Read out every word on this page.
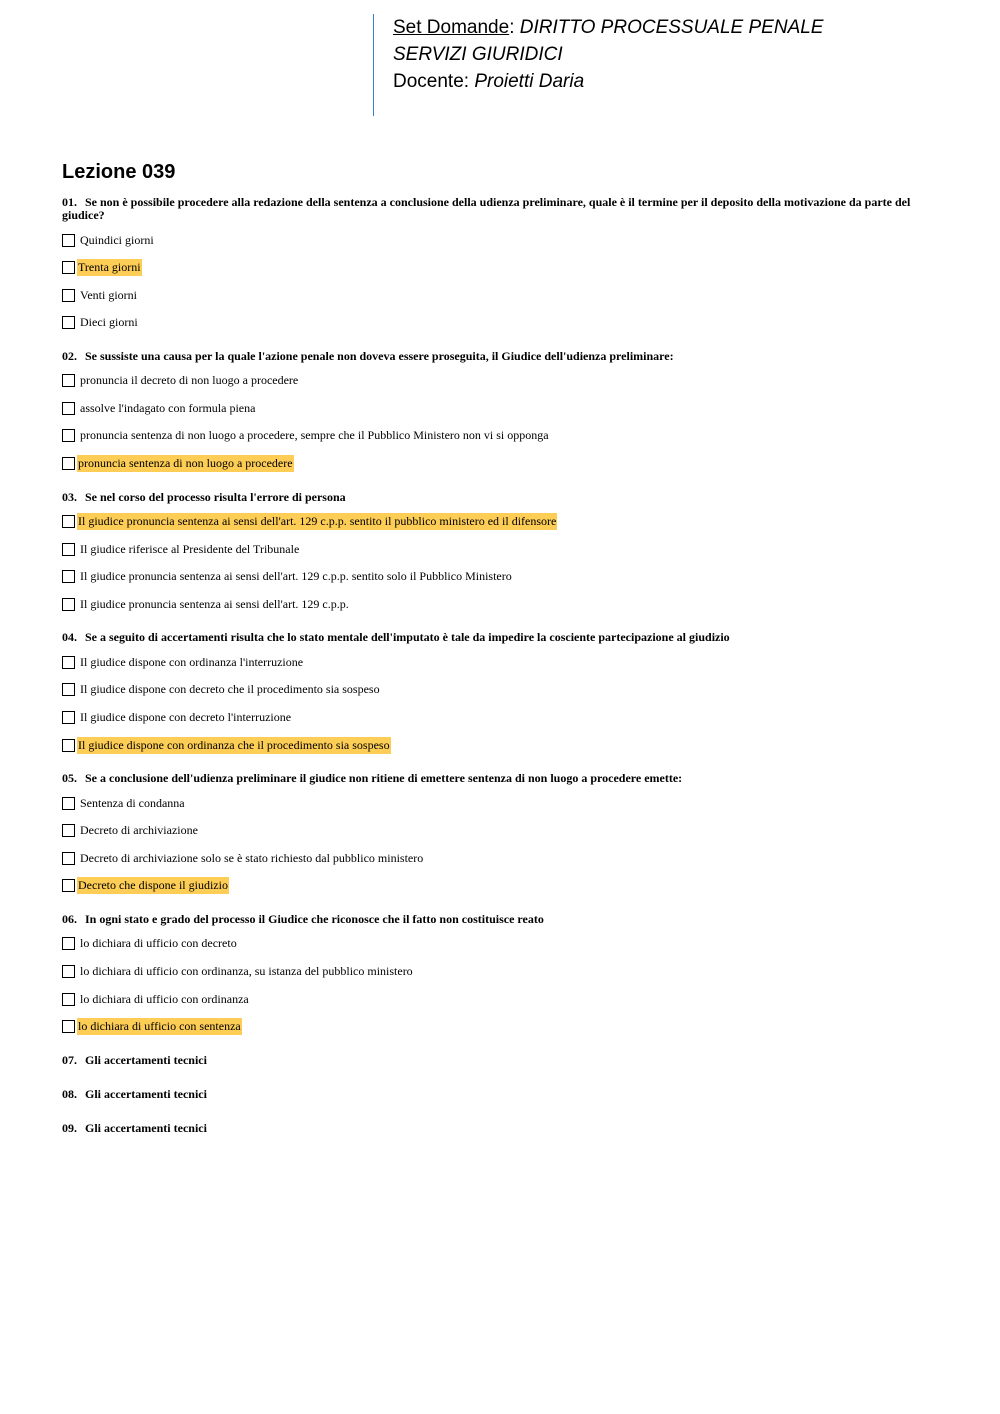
Set Domande: DIRITTO PROCESSUALE PENALE
SERVIZI GIURIDICI
Docente: Proietti Daria
Lezione 039
01. Se non è possibile procedere alla redazione della sentenza a conclusione della udienza preliminare, quale è il termine per il deposito della motivazione da parte del giudice?
Quindici giorni
Trenta giorni
Venti giorni
Dieci giorni
02. Se sussiste una causa per la quale l'azione penale non doveva essere proseguita, il Giudice dell'udienza preliminare:
pronuncia il decreto di non luogo a procedere
assolve l'indagato con formula piena
pronuncia sentenza di non luogo a procedere, sempre che il Pubblico Ministero non vi si opponga
pronuncia sentenza di non luogo a procedere
03. Se nel corso del processo risulta l'errore di persona
Il giudice pronuncia sentenza ai sensi dell'art. 129 c.p.p. sentito il pubblico ministero ed il difensore
Il giudice riferisce al Presidente del Tribunale
Il giudice pronuncia sentenza ai sensi dell'art. 129 c.p.p. sentito solo il Pubblico Ministero
Il giudice pronuncia sentenza ai sensi dell'art. 129 c.p.p.
04. Se a seguito di accertamenti risulta che lo stato mentale dell'imputato è tale da impedire la cosciente partecipazione al giudizio
Il giudice dispone con ordinanza l'interruzione
Il giudice dispone con decreto che il procedimento sia sospeso
Il giudice dispone con decreto l'interruzione
Il giudice dispone con ordinanza che il procedimento sia sospeso
05. Se a conclusione dell'udienza preliminare il giudice non ritiene di emettere sentenza di non luogo a procedere emette:
Sentenza di condanna
Decreto di archiviazione
Decreto di archiviazione solo se è stato richiesto dal pubblico ministero
Decreto che dispone il giudizio
06. In ogni stato e grado del processo il Giudice che riconosce che il fatto non costituisce reato
lo dichiara di ufficio con decreto
lo dichiara di ufficio con ordinanza, su istanza del pubblico ministero
lo dichiara di ufficio con ordinanza
lo dichiara di ufficio con sentenza
07. Gli accertamenti tecnici
08. Gli accertamenti tecnici
09. Gli accertamenti tecnici
